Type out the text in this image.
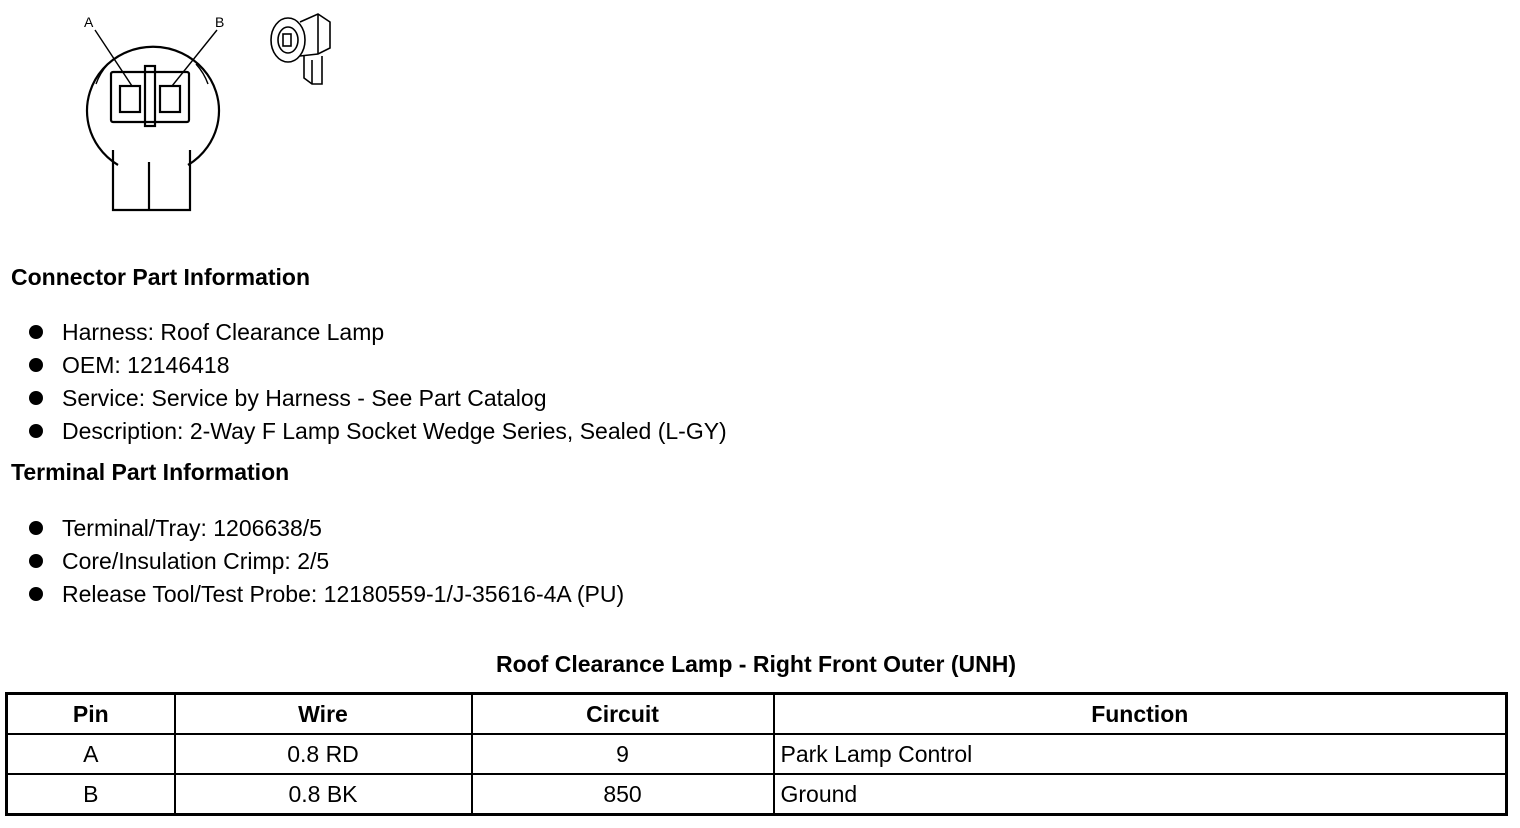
A	B
Connector Part Information
Harness: Roof Clearance Lamp
OEM: 12146418
Service: Service by Harness - See Part Catalog
Description: 2-Way F Lamp Socket Wedge Series, Sealed (L-GY)
Terminal Part Information
Terminal/Tray: 1206638/5
Core/Insulation Crimp: 2/5
Release Tool/Test Probe: 12180559-1/J-35616-4A (PU)
Roof Clearance Lamp - Right Front Outer (UNH)
Pin	Wire	Circuit	Function
A	0.8 RD	9	Park Lamp Control
B	0.8 BK	850	Ground
